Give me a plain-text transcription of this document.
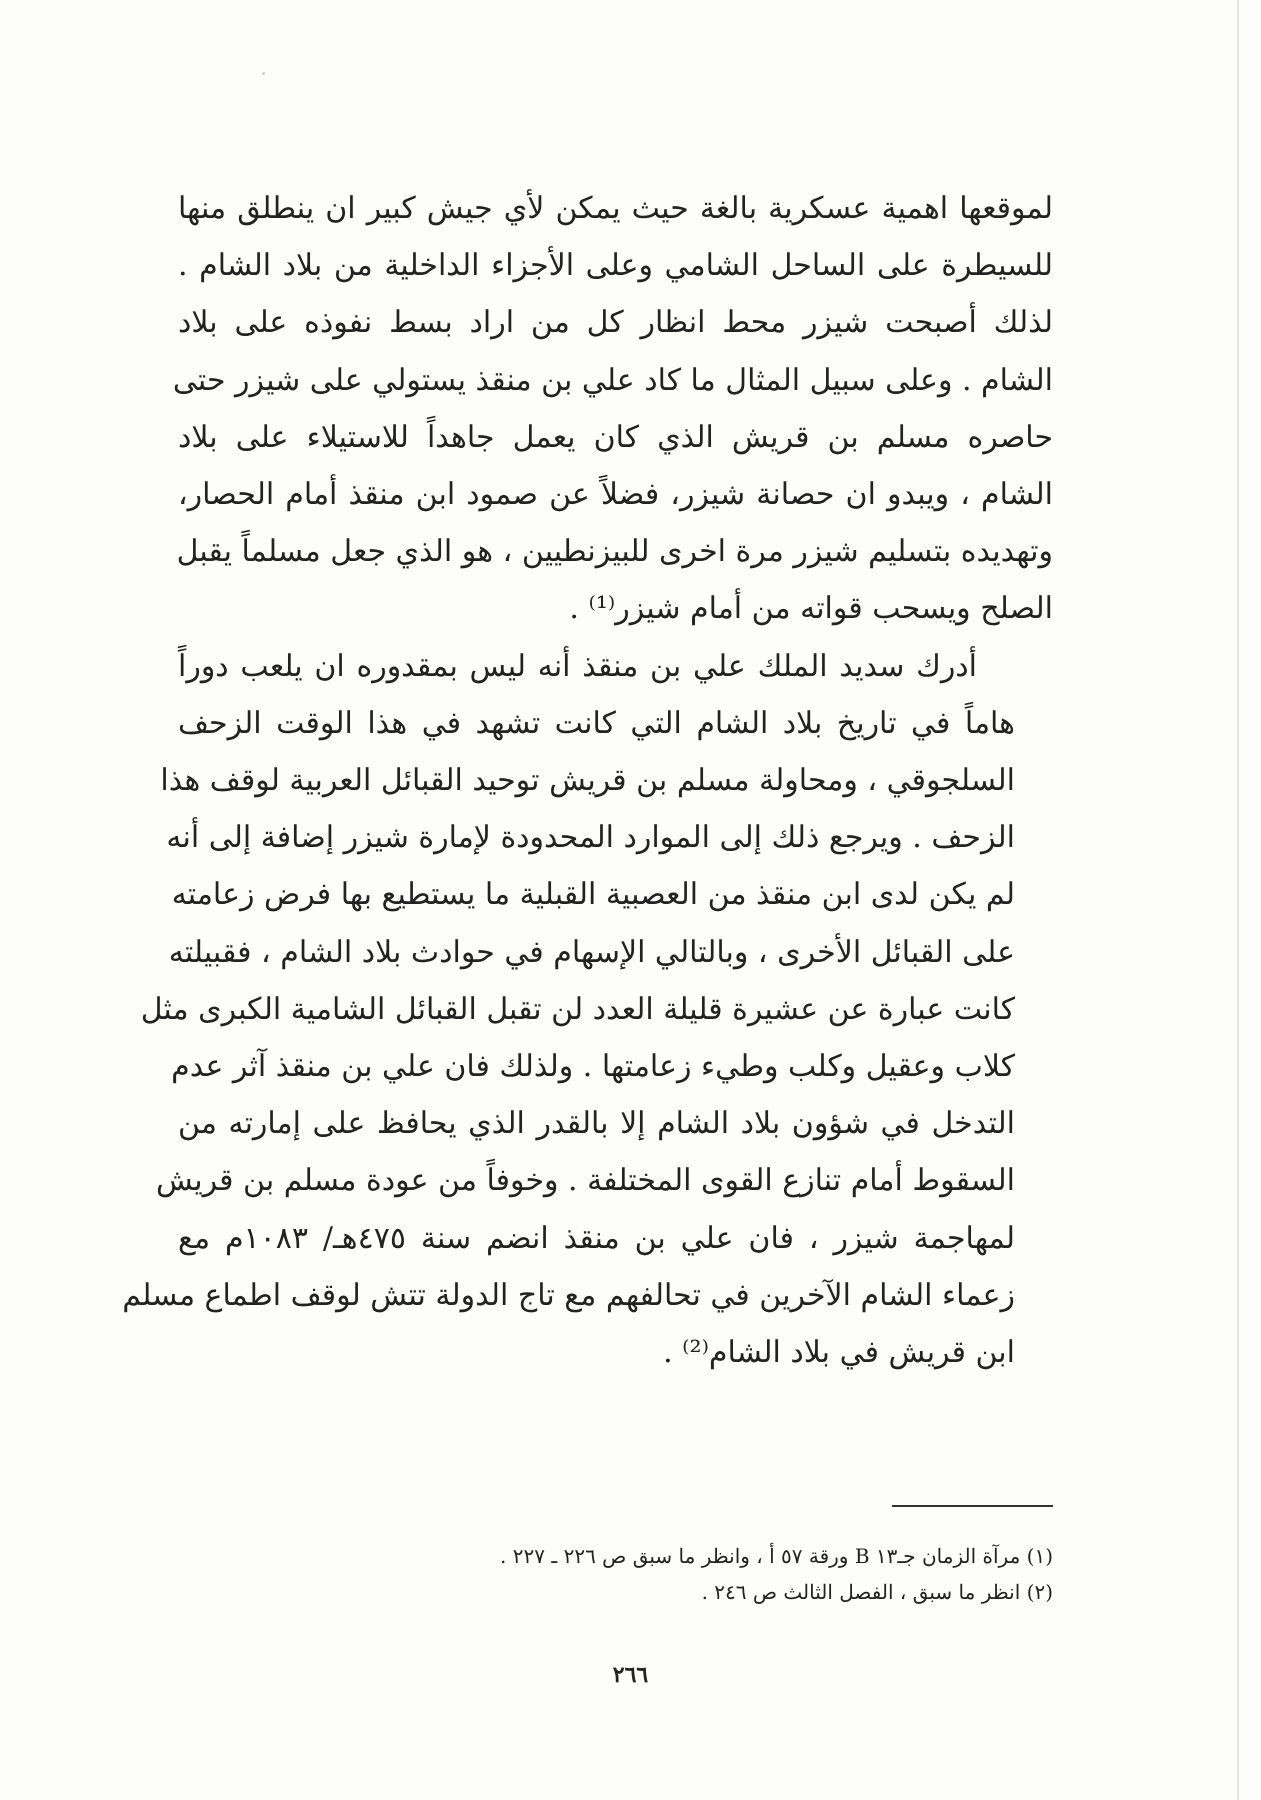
لموقعها اهمية عسكرية بالغة حيث يمكن لأي جيش كبير ان ينطلق منها
للسيطرة على الساحل الشامي وعلى الأجزاء الداخلية من بلاد الشام .
لذلك أصبحت شيزر محط انظار كل من اراد بسط نفوذه على بلاد
الشام . وعلى سبيل المثال ما كاد علي بن منقذ يستولي على شيزر حتى
حاصره مسلم بن قريش الذي كان يعمل جاهداً للاستيلاء على بلاد
الشام ، ويبدو ان حصانة شيزر، فضلاً عن صمود ابن منقذ أمام الحصار،
وتهديده بتسليم شيزر مرة اخرى للبيزنطيين ، هو الذي جعل مسلماً يقبل
الصلح ويسحب قواته من أمام شيزر⁽¹⁾ .

أدرك سديد الملك علي بن منقذ أنه ليس بمقدوره ان يلعب دوراً
هاماً في تاريخ بلاد الشام التي كانت تشهد في هذا الوقت الزحف
السلجوقي ، ومحاولة مسلم بن قريش توحيد القبائل العربية لوقف هذا
الزحف . ويرجع ذلك إلى الموارد المحدودة لإمارة شيزر إضافة إلى أنه
لم يكن لدى ابن منقذ من العصبية القبلية ما يستطيع بها فرض زعامته
على القبائل الأخرى ، وبالتالي الإسهام في حوادث بلاد الشام ، فقبيلته
كانت عبارة عن عشيرة قليلة العدد لن تقبل القبائل الشامية الكبرى مثل
كلاب وعقيل وكلب وطيء زعامتها . ولذلك فان علي بن منقذ آثر عدم
التدخل في شؤون بلاد الشام إلا بالقدر الذي يحافظ على إمارته من
السقوط أمام تنازع القوى المختلفة . وخوفاً من عودة مسلم بن قريش
لمهاجمة شيزر ، فان علي بن منقذ انضم سنة ٤٧٥هـ/ ١٠٨٣م مع
زعماء الشام الآخرين في تحالفهم مع تاج الدولة تتش لوقف اطماع مسلم
ابن قريش في بلاد الشام⁽²⁾ .

(١) مرآة الزمان جـ١٣ B ورقة ٥٧ أ ، وانظر ما سبق ص ٢٢٦ ـ ٢٢٧ .

(٢) انظر ما سبق ، الفصل الثالث ص ٢٤٦ .

٢٦٦
